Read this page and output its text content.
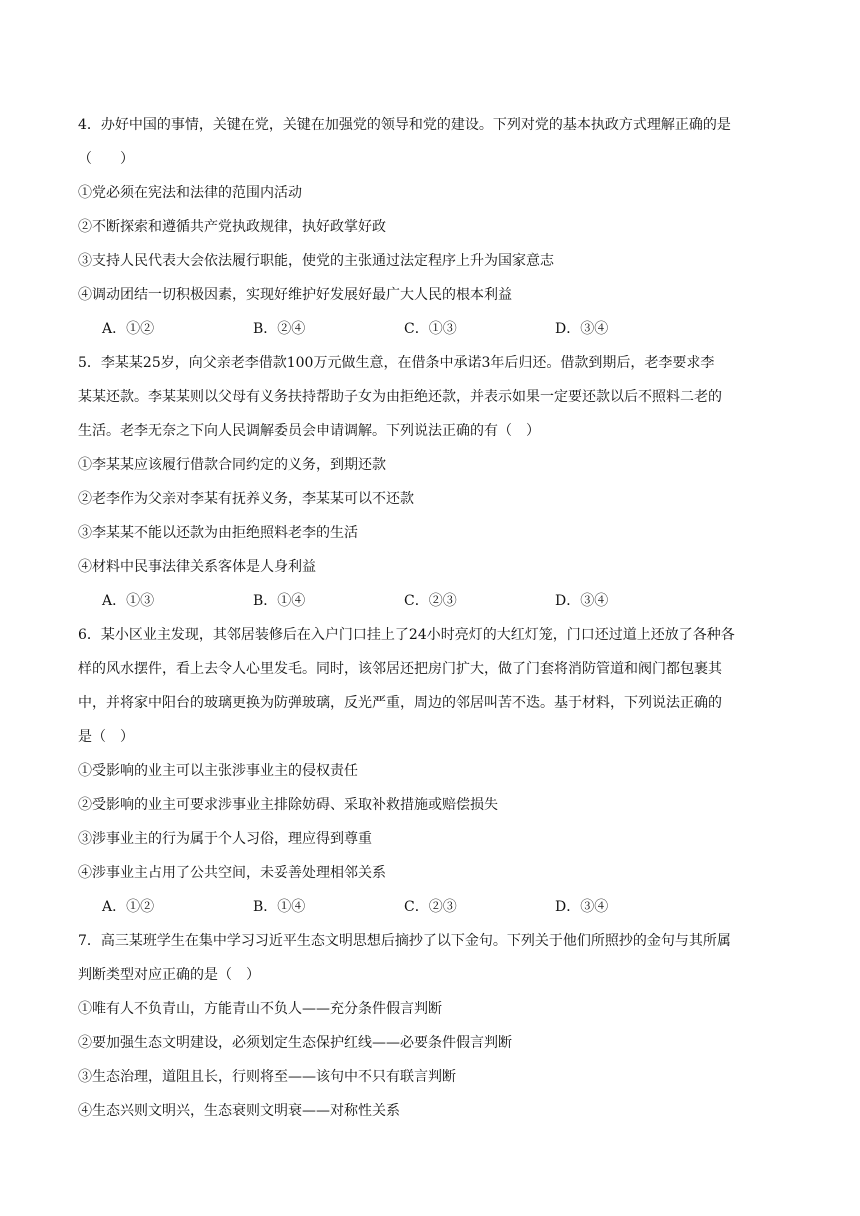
4．办好中国的事情，关键在党，关键在加强党的领导和党的建设。下列对党的基本执政方式理解正确的是
（　　）
①党必须在宪法和法律的范围内活动
②不断探索和遵循共产党执政规律，执好政掌好政
③支持人民代表大会依法履行职能，使党的主张通过法定程序上升为国家意志
④调动团结一切积极因素，实现好维护好发展好最广大人民的根本利益
A．①②	B．②④	C．①③	D．③④
5．李某某25岁，向父亲老李借款100万元做生意，在借条中承诺3年后归还。借款到期后，老李要求李
某某还款。李某某则以父母有义务扶持帮助子女为由拒绝还款，并表示如果一定要还款以后不照料二老的
生活。老李无奈之下向人民调解委员会申请调解。下列说法正确的有（　）
①李某某应该履行借款合同约定的义务，到期还款
②老李作为父亲对李某有抚养义务，李某某可以不还款
③李某某不能以还款为由拒绝照料老李的生活
④材料中民事法律关系客体是人身利益
A．①③	B．①④	C．②③	D．③④
6．某小区业主发现，其邻居装修后在入户门口挂上了24小时亮灯的大红灯笼，门口还过道上还放了各种各
样的风水摆件，看上去令人心里发毛。同时，该邻居还把房门扩大，做了门套将消防管道和阀门都包裹其
中，并将家中阳台的玻璃更换为防弹玻璃，反光严重，周边的邻居叫苦不迭。基于材料，下列说法正确的
是（　）
①受影响的业主可以主张涉事业主的侵权责任
②受影响的业主可要求涉事业主排除妨碍、采取补救措施或赔偿损失
③涉事业主的行为属于个人习俗，理应得到尊重
④涉事业主占用了公共空间，未妥善处理相邻关系
A．①②	B．①④	C．②③	D．③④
7．高三某班学生在集中学习习近平生态文明思想后摘抄了以下金句。下列关于他们所照抄的金句与其所属
判断类型对应正确的是（　）
①唯有人不负青山，方能青山不负人——充分条件假言判断
②要加强生态文明建设，必须划定生态保护红线——必要条件假言判断
③生态治理，道阻且长，行则将至——该句中不只有联言判断
④生态兴则文明兴，生态衰则文明衰——对称性关系
